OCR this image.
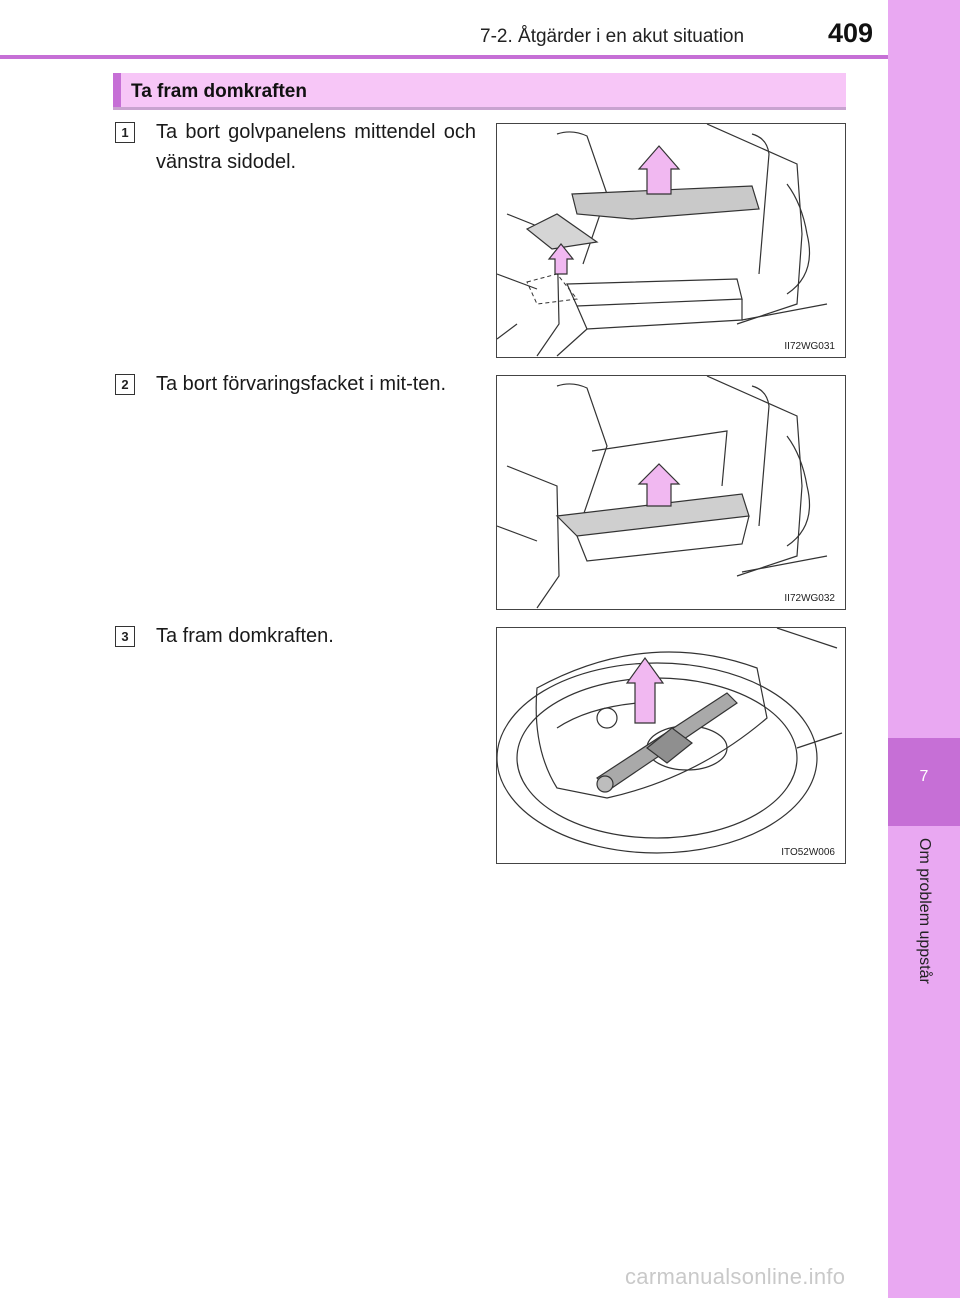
7-2. Åtgärder i en akut situation	409
7
Om problem uppstår
Ta fram domkraften
1	Ta bort golvpanelens mittendel och vänstra sidodel.
II72WG031
2	Ta bort förvaringsfacket i mit-ten.
II72WG032
3	Ta fram domkraften.
ITO52W006
carmanualsonline.info
